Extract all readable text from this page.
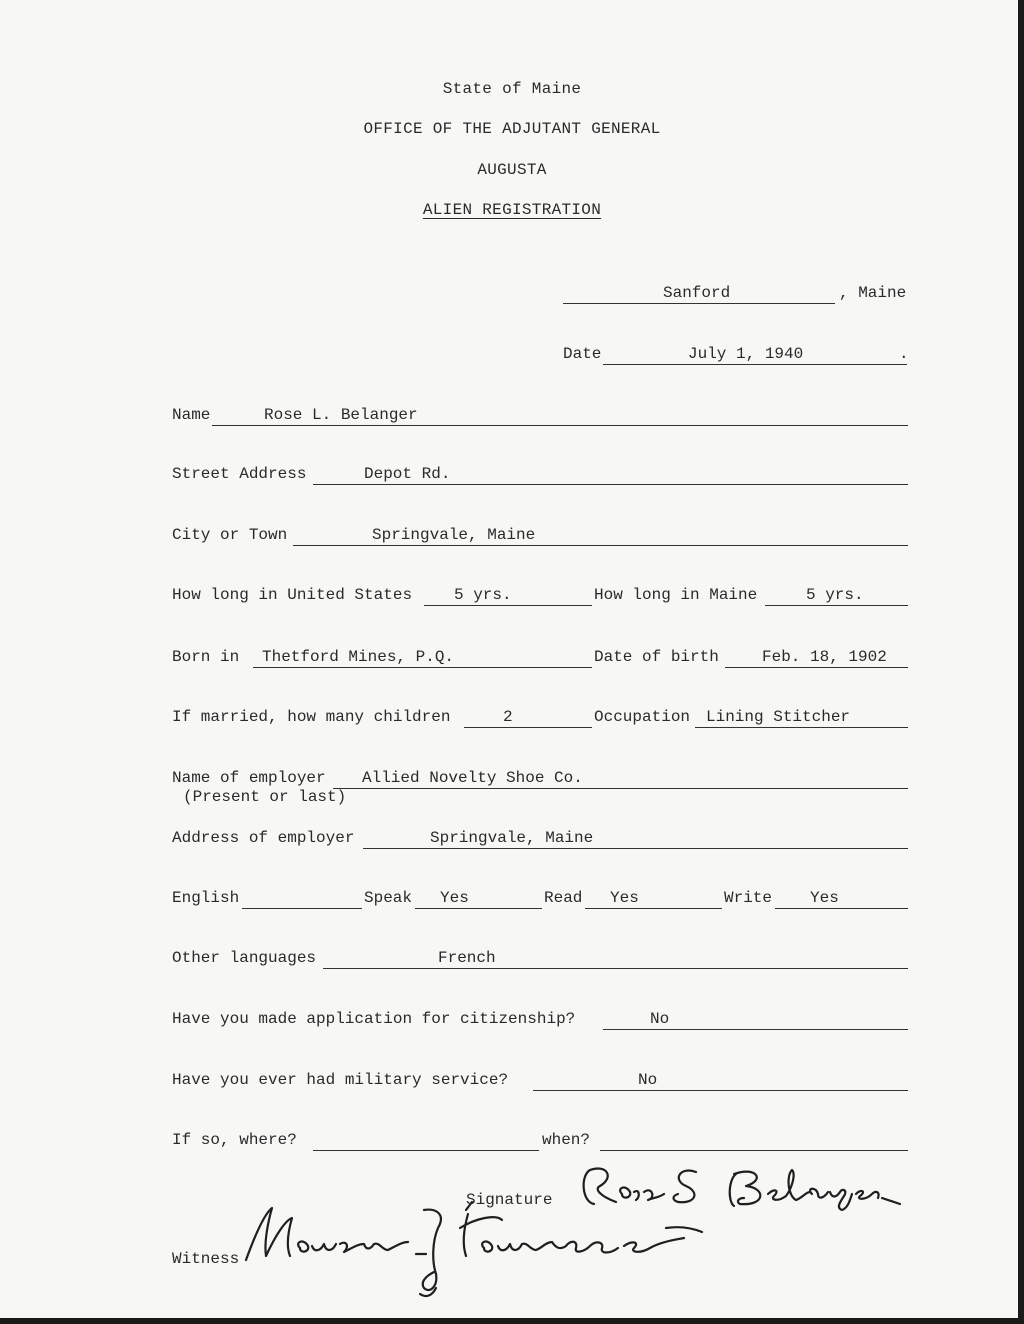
State of Maine
OFFICE OF THE ADJUTANT GENERAL
AUGUSTA
ALIEN REGISTRATION
Sanford	, Maine
Date	July 1, 1940	.
Name	Rose L. Belanger
Street Address	Depot Rd.
City or Town	Springvale, Maine
How long in United States	5 yrs.	How long in Maine	5 yrs.
Born in Thetford Mines, P.Q.	Date of birth	Feb. 18, 1902
If married, how many children	2	Occupation Lining Stitcher
Name of employer Allied Novelty Shoe Co.
(Present or last)
Address of employer	Springvale, Maine
English	Speak Yes	Read Yes	Write Yes
Other languages	French
Have you made application for citizenship?	No
Have you ever had military service?	No
If so, where?	when?
Signature
Witness
